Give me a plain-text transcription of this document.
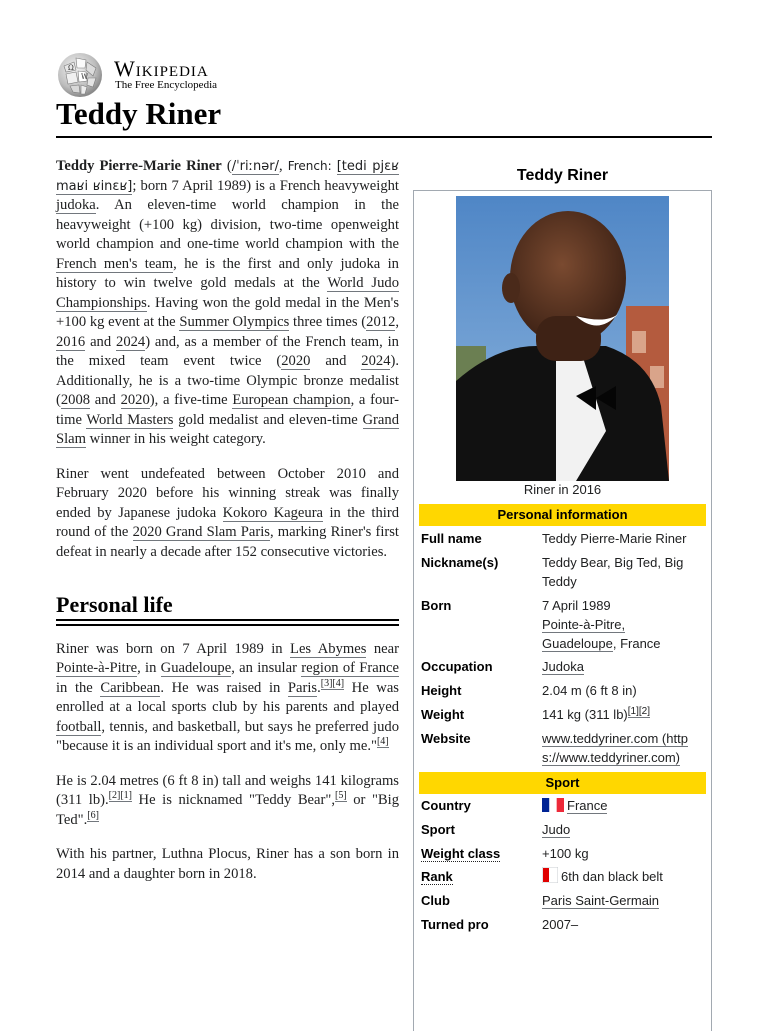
Ω
W Wikipedia
The Free Encyclopedia
Teddy Riner

Teddy Pierre-Marie Riner (/ˈriːnər/, French: [tedi pjɛʁ maʁi ʁinɛʁ]; born 7 April 1989) is a French heavyweight judoka. An eleven-time world champion in the heavyweight (+100 kg) division, two-time openweight world champion and one-time world champion with the French men's team, he is the first and only judoka in history to win twelve gold medals at the World Judo Championships. Having won the gold medal in the Men's +100 kg event at the Summer Olympics three times (2012, 2016 and 2024) and, as a member of the French team, in the mixed team event twice (2020 and 2024). Additionally, he is a two-time Olympic bronze medalist (2008 and 2020), a five-time European champion, a four-time World Masters gold medalist and eleven-time Grand Slam winner in his weight category.

Riner went undefeated between October 2010 and February 2020 before his winning streak was finally ended by Japanese judoka Kokoro Kageura in the third round of the 2020 Grand Slam Paris, marking Riner's first defeat in nearly a decade after 152 consecutive victories.

Personal life

Riner was born on 7 April 1989 in Les Abymes near Pointe-à-Pitre, in Guadeloupe, an insular region of France in the Caribbean. He was raised in Paris.[3][4] He was enrolled at a local sports club by his parents and played football, tennis, and basketball, but says he preferred judo "because it is an individual sport and it's me, only me."[4]

He is 2.04 metres (6 ft 8 in) tall and weighs 141 kilograms (311 lb).[2][1] He is nicknamed "Teddy Bear",[5] or "Big Ted".[6]

With his partner, Luthna Plocus, Riner has a son born in 2014 and a daughter born in 2018.

Teddy Riner
Riner in 2016
Personal information
Full name	Teddy Pierre-Marie Riner
Nickname(s)	Teddy Bear, Big Ted, Big Teddy
Born	7 April 1989
Pointe-à-Pitre,
Guadeloupe, France
Occupation	Judoka
Height	2.04 m (6 ft 8 in)
Weight	141 kg (311 lb)[1][2]
Website	www.teddyriner.com (http
s://www.teddyriner.com)
Sport
Country	France
Sport	Judo
Weight class	+100 kg
Rank	6th dan black belt
Club	Paris Saint-Germain
Turned pro	2007–
